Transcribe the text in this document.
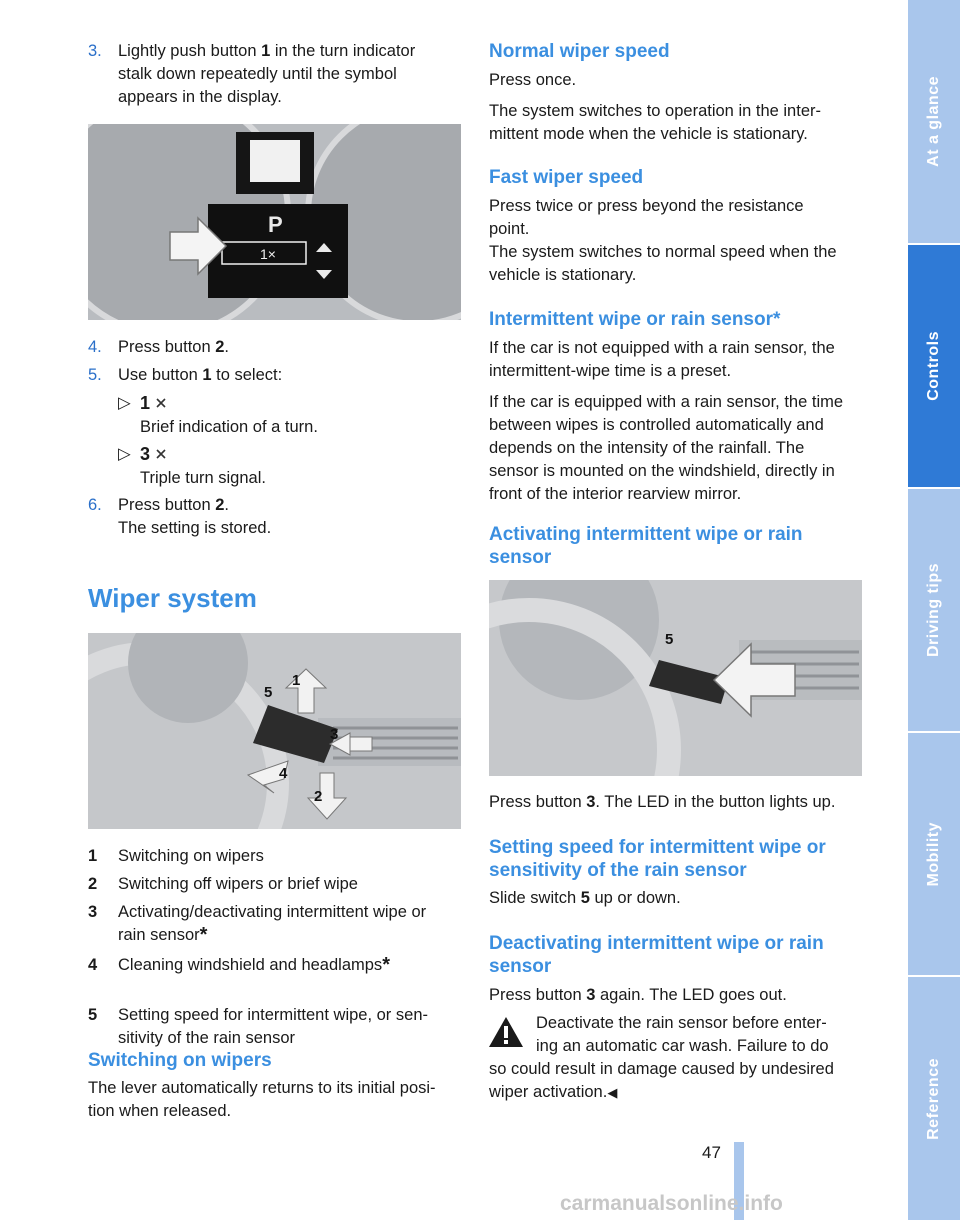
3. Lightly push button 1 in the turn indicator
stalk down repeatedly until the symbol
appears in the display.
P
1×
4. Press button 2.
5. Use button 1 to select:
▷ 1
Brief indication of a turn.
▷ 3
Triple turn signal.
6. Press button 2.
The setting is stored.
Wiper system
1
2
3
4
5
1 Switching on wipers
2 Switching off wipers or brief wipe
3 Activating/deactivating intermittent wipe or
rain sensor*
4 Cleaning windshield and headlamps*
5 Setting speed for intermittent wipe, or sen-
sitivity of the rain sensor
Switching on wipers
The lever automatically returns to its initial posi-
tion when released.
Normal wiper speed
Press once.
The system switches to operation in the inter-
mittent mode when the vehicle is stationary.
Fast wiper speed
Press twice or press beyond the resistance
point.
The system switches to normal speed when the
vehicle is stationary.
Intermittent wipe or rain sensor*
If the car is not equipped with a rain sensor, the
intermittent-wipe time is a preset.
If the car is equipped with a rain sensor, the time
between wipes is controlled automatically and
depends on the intensity of the rainfall. The
sensor is mounted on the windshield, directly in
front of the interior rearview mirror.
Activating intermittent wipe or rain
sensor
5
Press button 3. The LED in the button lights up.
Setting speed for intermittent wipe or
sensitivity of the rain sensor
Slide switch 5 up or down.
Deactivating intermittent wipe or rain
sensor
Press button 3 again. The LED goes out.
Deactivate the rain sensor before enter-
ing an automatic car wash. Failure to do
so could result in damage caused by undesired
wiper activation.◀
47
At a glance
Controls
Driving tips
Mobility
Reference
carmanualsonline.info
